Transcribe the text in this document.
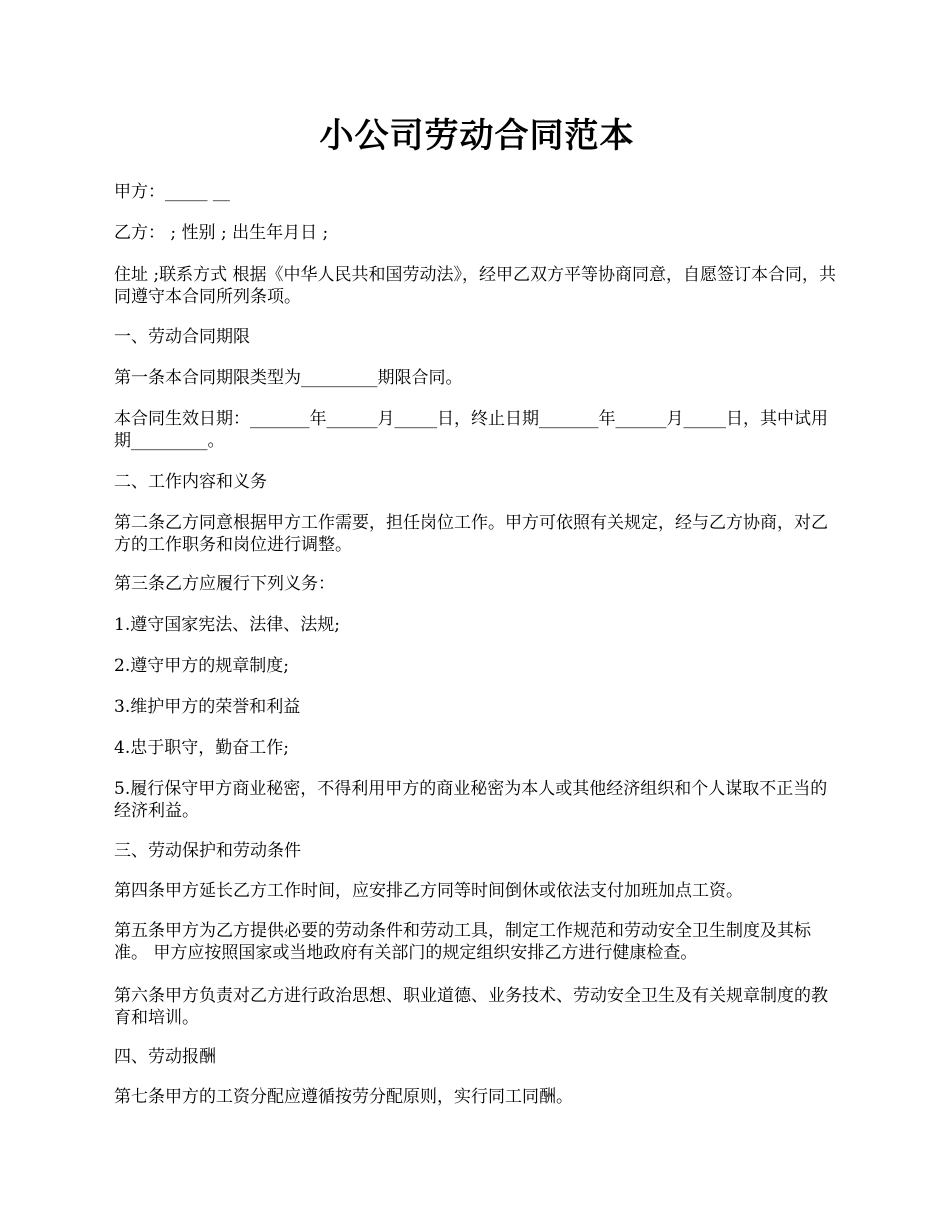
小公司劳动合同范本

甲方：_____ __

乙方： ; 性别 ; 出生年月日 ;

住址 ;联系方式 根据《中华人民共和国劳动法》，经甲乙双方平等协商同意，自愿签订本合同，共同遵守本合同所列条项。

一、劳动合同期限

第一条本合同期限类型为_________期限合同。

本合同生效日期：_______年______月_____日，终止日期_______年______月_____日，其中试用期_________。

二、工作内容和义务

第二条乙方同意根据甲方工作需要，担任岗位工作。甲方可依照有关规定，经与乙方协商，对乙方的工作职务和岗位进行调整。

第三条乙方应履行下列义务：

1.遵守国家宪法、法律、法规;

2.遵守甲方的规章制度;

3.维护甲方的荣誉和利益

4.忠于职守，勤奋工作;

5.履行保守甲方商业秘密，不得利用甲方的商业秘密为本人或其他经济组织和个人谋取不正当的经济利益。

三、劳动保护和劳动条件

第四条甲方延长乙方工作时间，应安排乙方同等时间倒休或依法支付加班加点工资。

第五条甲方为乙方提供必要的劳动条件和劳动工具，制定工作规范和劳动安全卫生制度及其标准。 甲方应按照国家或当地政府有关部门的规定组织安排乙方进行健康检查。

第六条甲方负责对乙方进行政治思想、职业道德、业务技术、劳动安全卫生及有关规章制度的教育和培训。

四、劳动报酬

第七条甲方的工资分配应遵循按劳分配原则，实行同工同酬。
